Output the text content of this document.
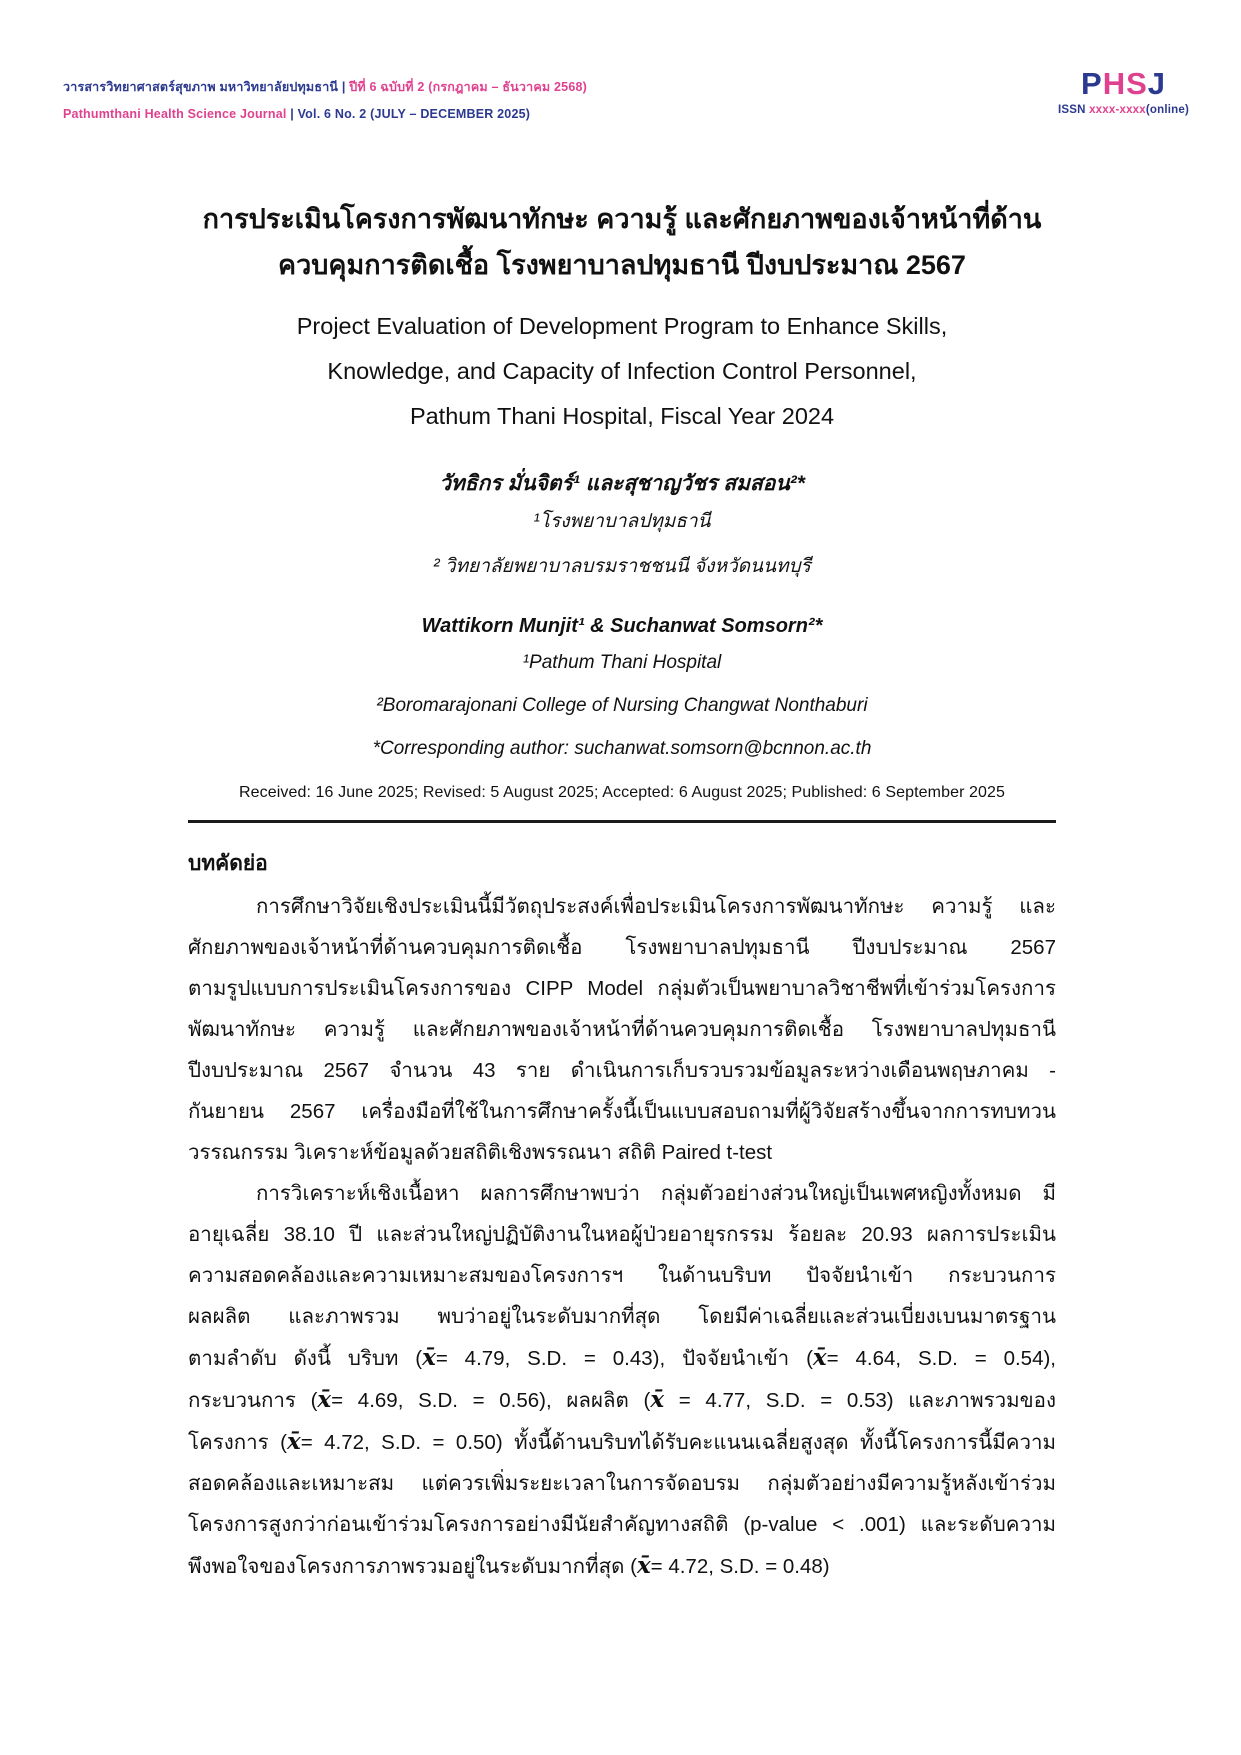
วารสารวิทยาศาสตร์สุขภาพ มหาวิทยาลัยปทุมธานี | ปีที่ 6 ฉบับที่ 2 (กรกฎาคม – ธันวาคม 2568)
Pathumthani Health Science Journal | Vol. 6 No. 2 (JULY – DECEMBER 2025)
PHSJ
ISSN xxxx-xxxx(online)
การประเมินโครงการพัฒนาทักษะ ความรู้ และศักยภาพของเจ้าหน้าที่ด้าน
ควบคุมการติดเชื้อ โรงพยาบาลปทุมธานี ปีงบประมาณ 2567
Project Evaluation of Development Program to Enhance Skills,
Knowledge, and Capacity of Infection Control Personnel,
Pathum Thani Hospital, Fiscal Year 2024
วัทธิกร มั่นจิตร์¹ และสุชาญวัชร สมสอน²*
¹โรงพยาบาลปทุมธานี
² วิทยาลัยพยาบาลบรมราชชนนี จังหวัดนนทบุรี
Wattikorn Munjit¹ & Suchanwat Somsorn²*
¹Pathum Thani Hospital
²Boromarajonani College of Nursing Changwat Nonthaburi
*Corresponding author: suchanwat.somsorn@bcnnon.ac.th
Received: 16 June 2025; Revised: 5 August 2025; Accepted: 6 August 2025; Published: 6 September 2025
บทคัดย่อ
การศึกษาวิจัยเชิงประเมินนี้มีวัตถุประสงค์เพื่อประเมินโครงการพัฒนาทักษะ ความรู้ และ
ศักยภาพของเจ้าหน้าที่ด้านควบคุมการติดเชื้อ โรงพยาบาลปทุมธานี ปีงบประมาณ 2567
ตามรูปแบบการประเมินโครงการของ CIPP Model กลุ่มตัวเป็นพยาบาลวิชาชีพที่เข้าร่วมโครงการ
พัฒนาทักษะ ความรู้ และศักยภาพของเจ้าหน้าที่ด้านควบคุมการติดเชื้อ โรงพยาบาลปทุมธานี
ปีงบประมาณ 2567 จำนวน 43 ราย ดำเนินการเก็บรวบรวมข้อมูลระหว่างเดือนพฤษภาคม -
กันยายน 2567 เครื่องมือที่ใช้ในการศึกษาครั้งนี้เป็นแบบสอบถามที่ผู้วิจัยสร้างขึ้นจากการทบทวน
วรรณกรรม วิเคราะห์ข้อมูลด้วยสถิติเชิงพรรณนา สถิติ Paired t-test
การวิเคราะห์เชิงเนื้อหา ผลการศึกษาพบว่า กลุ่มตัวอย่างส่วนใหญ่เป็นเพศหญิงทั้งหมด มี
อายุเฉลี่ย 38.10 ปี และส่วนใหญ่ปฏิบัติงานในหอผู้ป่วยอายุรกรรม ร้อยละ 20.93 ผลการประเมิน
ความสอดคล้องและความเหมาะสมของโครงการฯ ในด้านบริบท ปัจจัยนำเข้า กระบวนการ
ผลผลิต และภาพรวม พบว่าอยู่ในระดับมากที่สุด โดยมีค่าเฉลี่ยและส่วนเบี่ยงเบนมาตรฐาน
ตามลำดับ ดังนี้ บริบท (x̄= 4.79, S.D. = 0.43), ปัจจัยนำเข้า (x̄= 4.64, S.D. = 0.54),
กระบวนการ (x̄= 4.69, S.D. = 0.56), ผลผลิต (x̄ = 4.77, S.D. = 0.53) และภาพรวมของ
โครงการ (x̄= 4.72, S.D. = 0.50) ทั้งนี้ด้านบริบทได้รับคะแนนเฉลี่ยสูงสุด ทั้งนี้โครงการนี้มีความ
สอดคล้องและเหมาะสม แต่ควรเพิ่มระยะเวลาในการจัดอบรม กลุ่มตัวอย่างมีความรู้หลังเข้าร่วม
โครงการสูงกว่าก่อนเข้าร่วมโครงการอย่างมีนัยสำคัญทางสถิติ (p-value < .001) และระดับความ
พึงพอใจของโครงการภาพรวมอยู่ในระดับมากที่สุด (x̄= 4.72, S.D. = 0.48)
